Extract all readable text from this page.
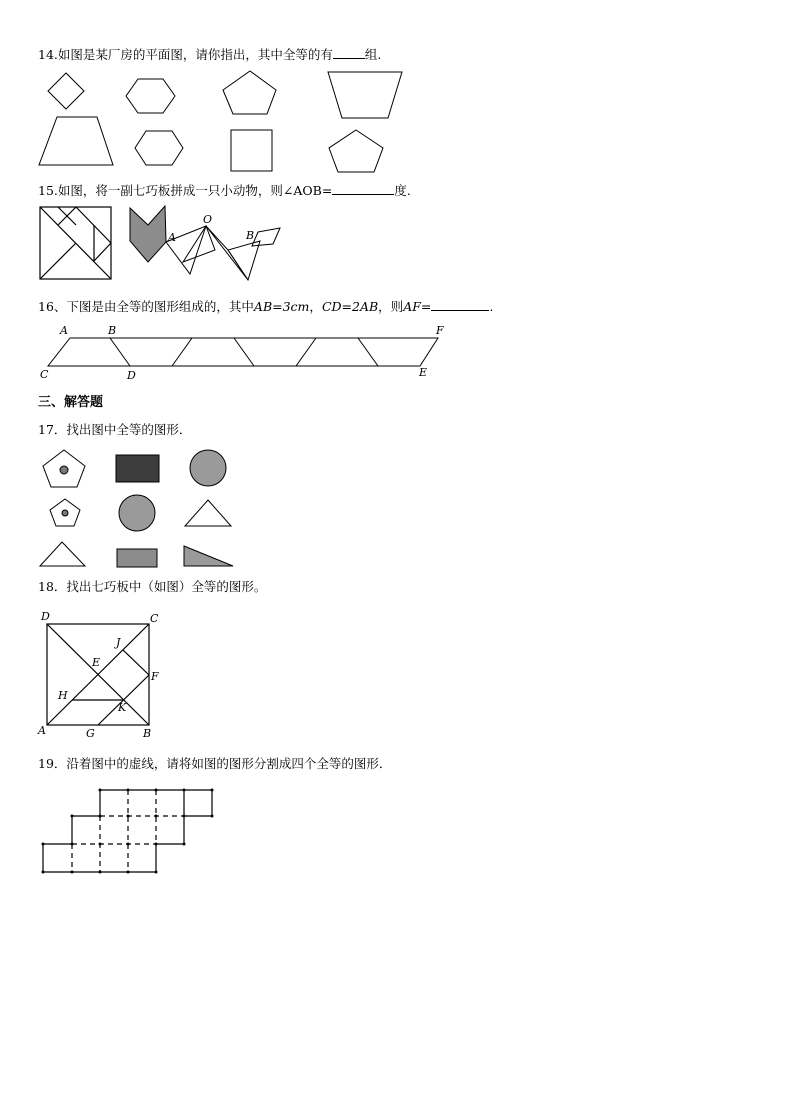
14.如图是某厂房的平面图，请你指出，其中全等的有	组.
15.如图，将一副七巧板拼成一只小动物，则∠AOB=	度.
O
A	B
16、下图是由全等的图形组成的，其中AB=3cm，CD=2AB，则AF=	.
A	B	F
C	D	E
三、解答题
17．找出图中全等的图形．
18．找出七巧板中（如图）全等的图形。
D	C
J
E
F
H
K
A	G	B
19．沿着图中的虚线，请将如图的图形分割成四个全等的图形．
